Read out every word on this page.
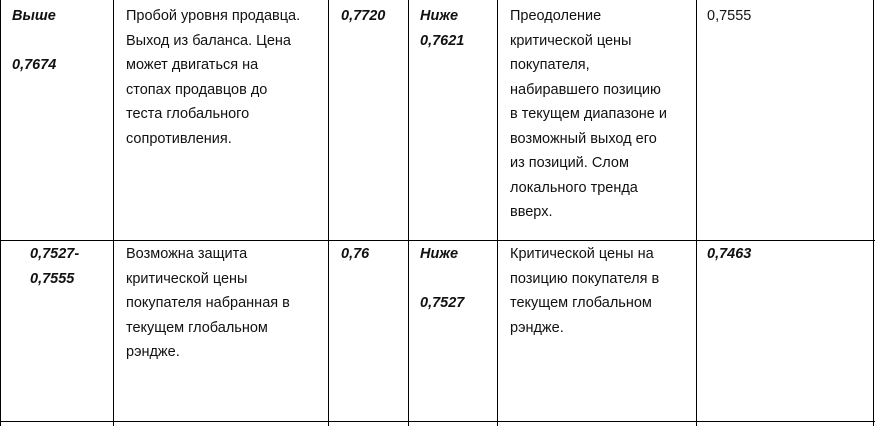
Выше

0,7674
Пробой уровня продавца.
Выход из баланса. Цена
может двигаться на
стопах продавцов до
теста глобального
сопротивления.
0,7720 Ниже
0,7621
Преодоление
критической цены
покупателя,
набиравшего позицию
в текущем диапазоне и
возможный выход его
из позиций. Слом
локального тренда
вверх.
0,7555
0,7527-
0,7555
Возможна защита
критической цены
покупателя набранная в
текущем глобальном
рэндже.
0,76	Ниже

0,7527
Критической цены на
позицию покупателя в
текущем глобальном
рэндже.
0,7463
